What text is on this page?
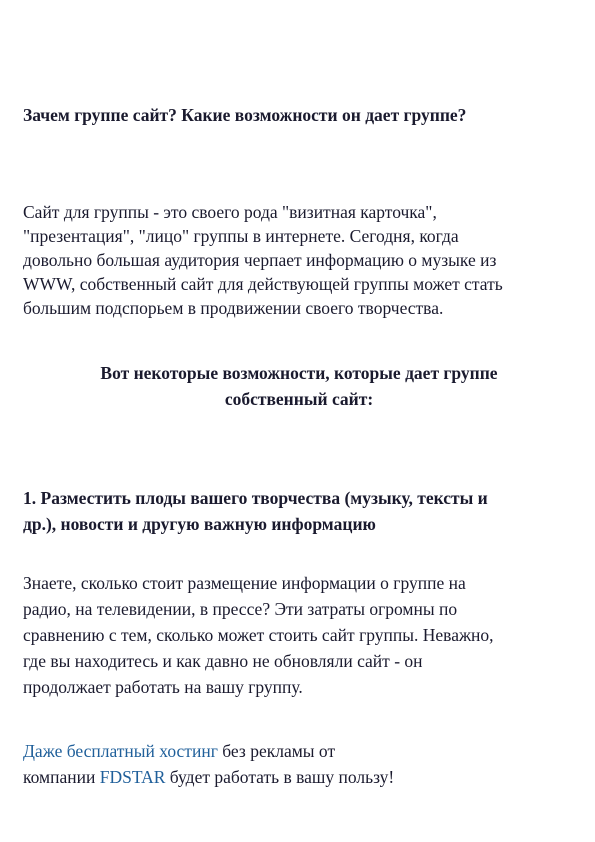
Зачем группе сайт? Какие возможности он дает группе?

Сайт для группы - это своего рода "визитная карточка",
"презентация", "лицо" группы в интернете. Сегодня, когда
довольно большая аудитория черпает информацию о музыке из
WWW, собственный сайт для действующей группы может стать
большим подспорьем в продвижении своего творчества.

Вот некоторые возможности, которые дает группе
собственный сайт:
1. Разместить плоды вашего творчества (музыку, тексты и
др.), новости и другую важную информацию

Знаете, сколько стоит размещение информации о группе на
радио, на телевидении, в прессе? Эти затраты огромны по
сравнению с тем, сколько может стоить сайт группы. Неважно,
где вы находитесь и как давно не обновляли сайт - он
продолжает работать на вашу группу.

Даже бесплатный хостинг без рекламы от
компании FDSTAR будет работать в вашу пользу!
